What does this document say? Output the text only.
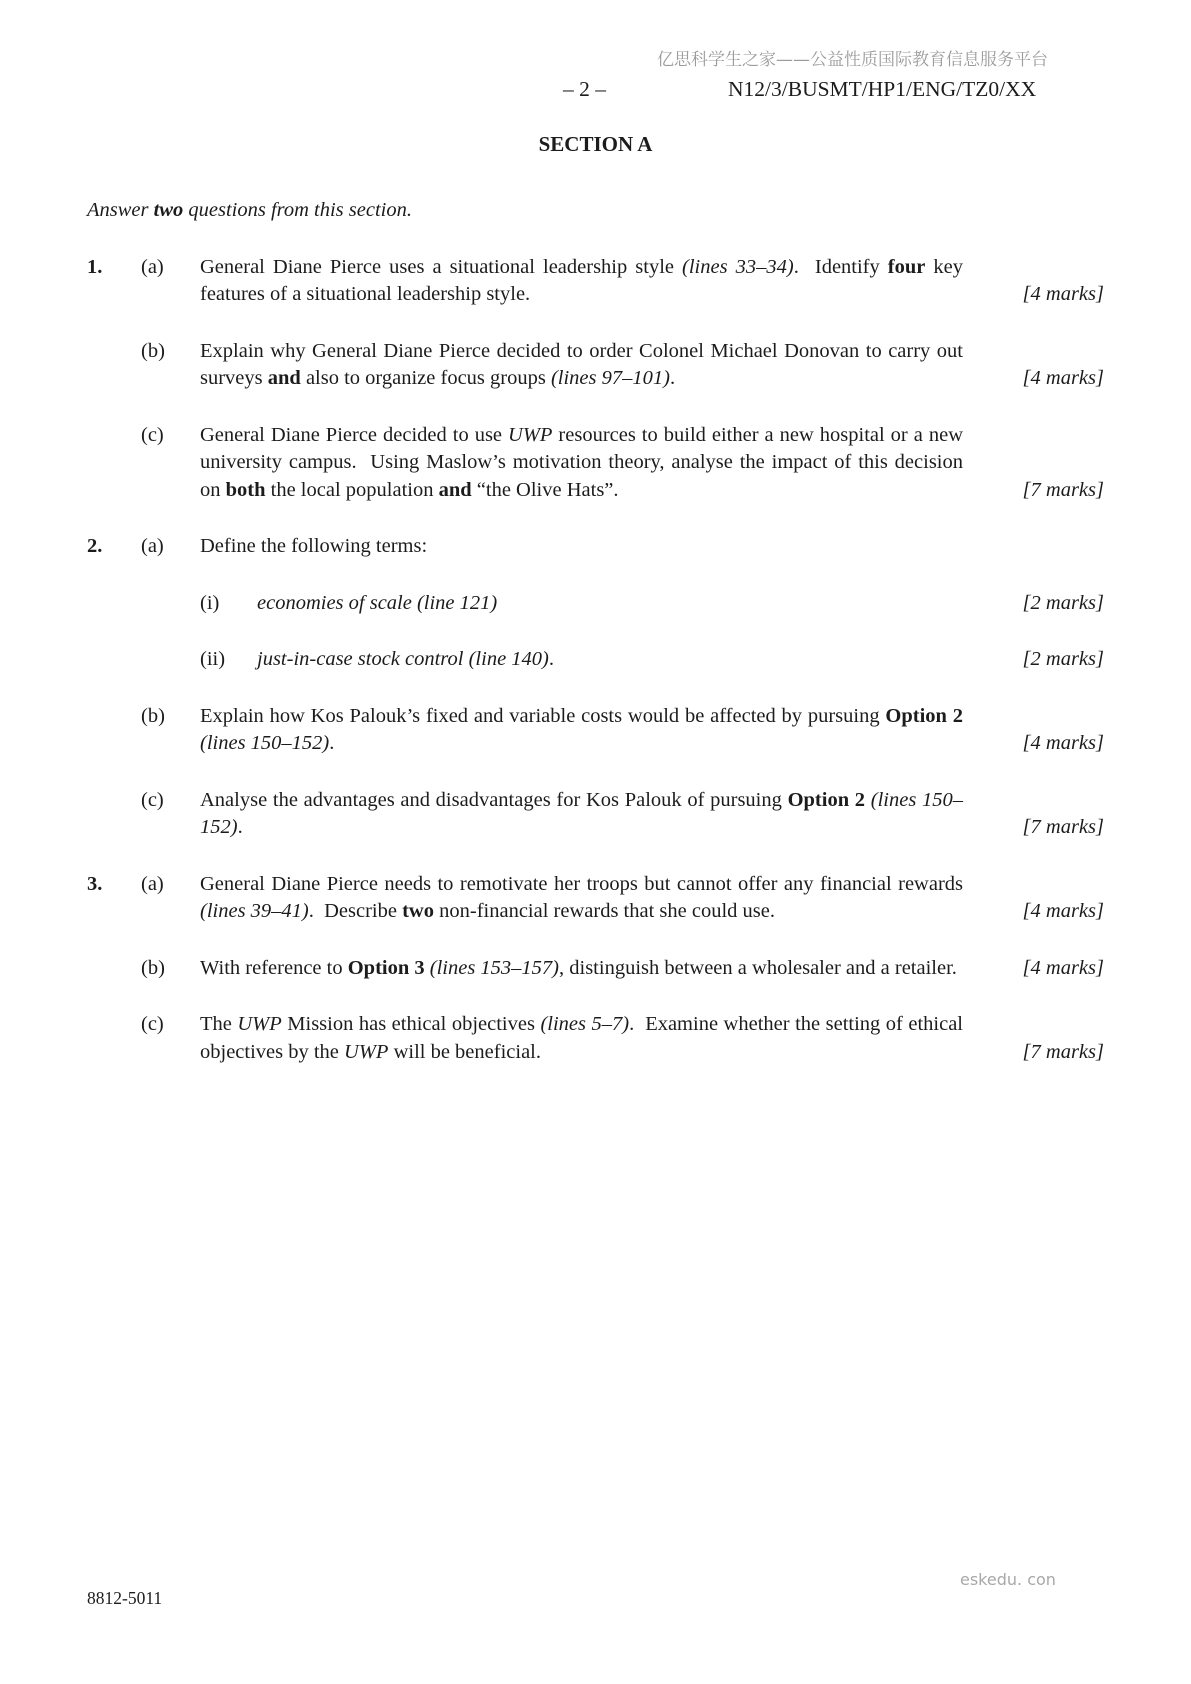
亿思科学生之家——公益性质国际教育信息服务平台
– 2 –	N12/3/BUSMT/HP1/ENG/TZ0/XX
SECTION A
Answer two questions from this section.
1.	(a)	General Diane Pierce uses a situational leadership style (lines 33–34).  Identify four key features of a situational leadership style.	[4 marks]
(b)	Explain why General Diane Pierce decided to order Colonel Michael Donovan to carry out surveys and also to organize focus groups (lines 97–101).	[4 marks]
(c)	General Diane Pierce decided to use UWP resources to build either a new hospital or a new university campus.  Using Maslow’s motivation theory, analyse the impact of this decision on both the local population and “the Olive Hats”.	[7 marks]
2.	(a)	Define the following terms:
(i)	economies of scale (line 121)	[2 marks]
(ii)	just-in-case stock control (line 140).	[2 marks]
(b)	Explain how Kos Palouk’s fixed and variable costs would be affected by pursuing Option 2 (lines 150–152).	[4 marks]
(c)	Analyse the advantages and disadvantages for Kos Palouk of pursuing Option 2 (lines 150–152).	[7 marks]
3.	(a)	General Diane Pierce needs to remotivate her troops but cannot offer any financial rewards (lines 39–41).  Describe two non-financial rewards that she could use.	[4 marks]
(b)	With reference to Option 3 (lines 153–157), distinguish between a wholesaler and a retailer.	[4 marks]
(c)	The UWP Mission has ethical objectives (lines 5–7).  Examine whether the setting of ethical objectives by the UWP will be beneficial.	[7 marks]
8812-5011
eskedu. con
